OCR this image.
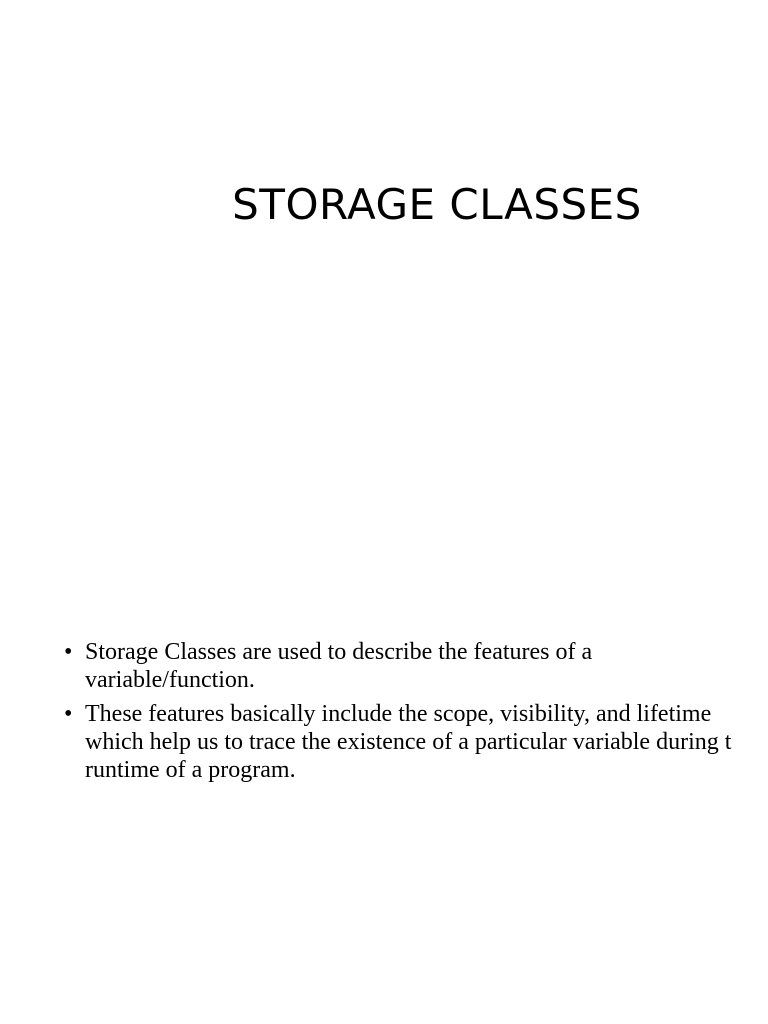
STORAGE CLASSES
• Storage Classes are used to describe the features of a
variable/function.
• These features basically include the scope, visibility, and lifetime
which help us to trace the existence of a particular variable during t
runtime of a program.
